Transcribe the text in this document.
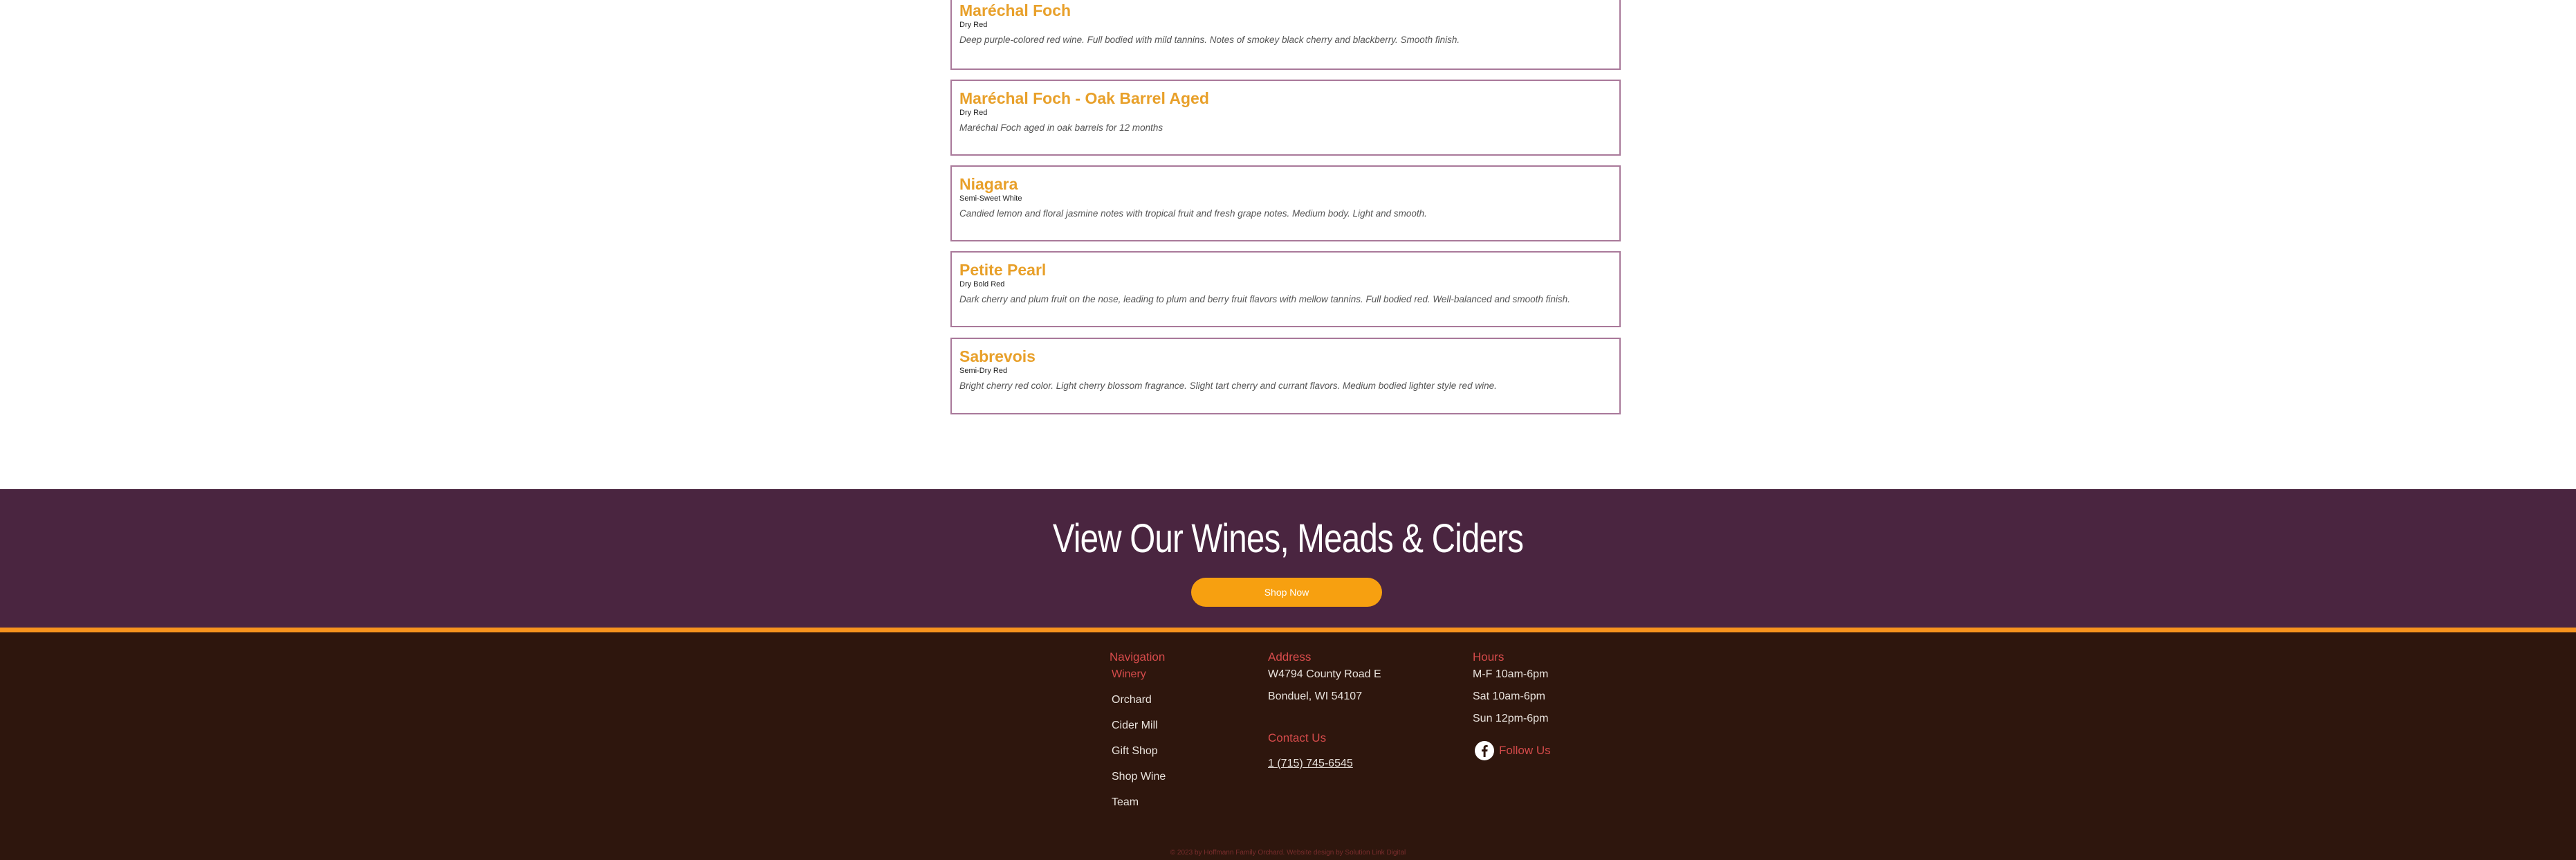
Maréchal Foch
Dry Red
Deep purple-colored red wine. Full bodied with mild tannins. Notes of smokey black cherry and blackberry. Smooth finish.
Maréchal Foch - Oak Barrel Aged
Dry Red
Maréchal Foch aged in oak barrels for 12 months
Niagara
Semi-Sweet White
Candied lemon and floral jasmine notes with tropical fruit and fresh grape notes. Medium body. Light and smooth.
Petite Pearl
Dry Bold Red
Dark cherry and plum fruit on the nose, leading to plum and berry fruit flavors with mellow tannins. Full bodied red. Well-balanced and smooth finish.
Sabrevois
Semi-Dry Red
Bright cherry red color. Light cherry blossom fragrance. Slight tart cherry and currant flavors. Medium bodied lighter style red wine.
View Our Wines, Meads & Ciders
Shop Now
Navigation
Winery
Orchard
Cider Mill
Gift Shop
Shop Wine
Team
Address
W4794 County Road E
Bonduel, WI 54107
Contact Us
1 (715) 745-6545
Hours
M-F 10am-6pm
Sat 10am-6pm
Sun 12pm-6pm
Follow Us
© 2023 by Hoffmann Family Orchard. Website design by Solution Link Digital
